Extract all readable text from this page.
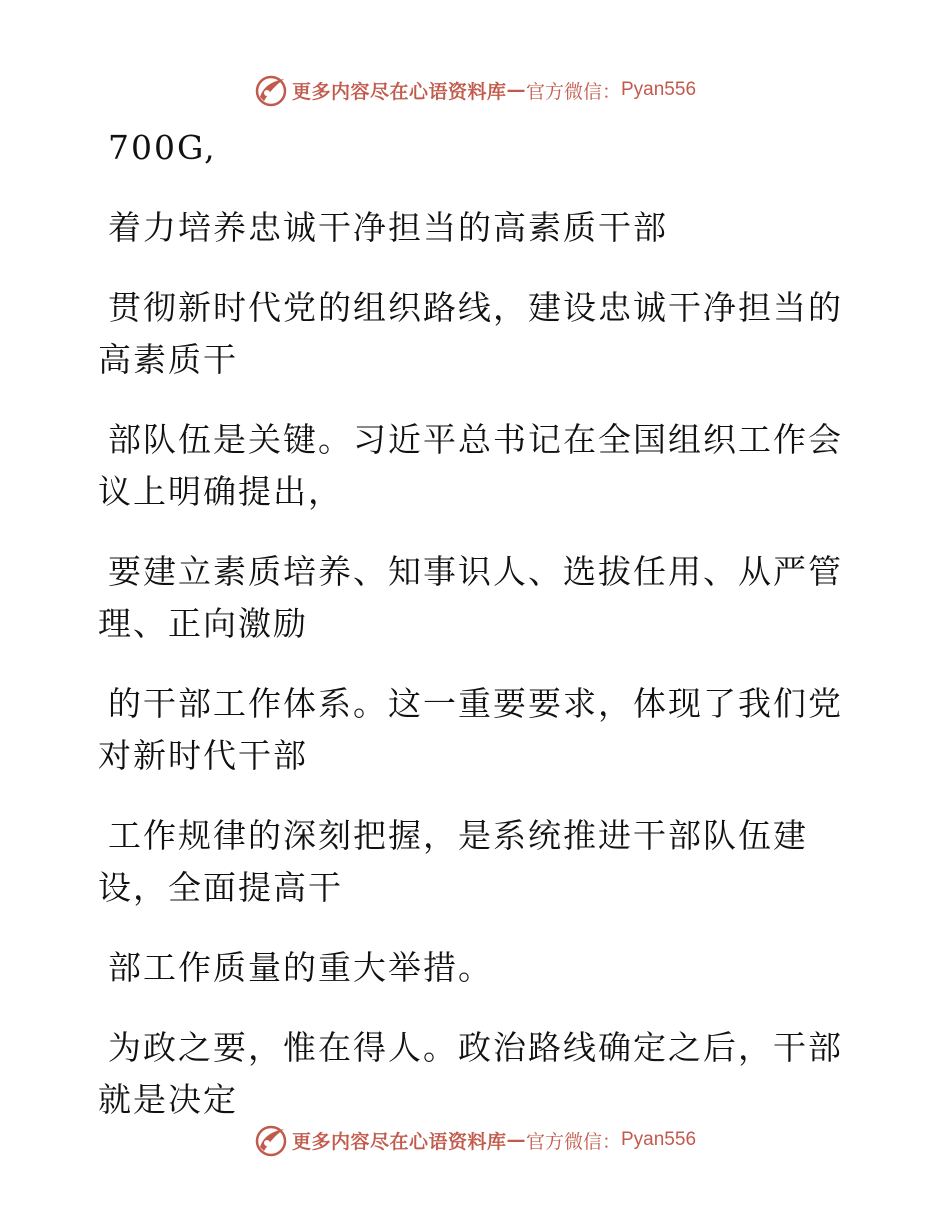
更多内容尽在心语资料库 — 官方微信： Pyan556

700G,

着力培养忠诚干净担当的高素质干部

贯彻新时代党的组织路线，建设忠诚干净担当的
高素质干

部队伍是关键。习近平总书记在全国组织工作会
议上明确提出，

要建立素质培养、知事识人、选拔任用、从严管
理、正向激励

的干部工作体系。这一重要要求，体现了我们党
对新时代干部

工作规律的深刻把握，是系统推进干部队伍建
设，全面提高干

部工作质量的重大举措。

为政之要，惟在得人。政治路线确定之后，干部
就是决定

更多内容尽在心语资料库 — 官方微信： Pyan556
